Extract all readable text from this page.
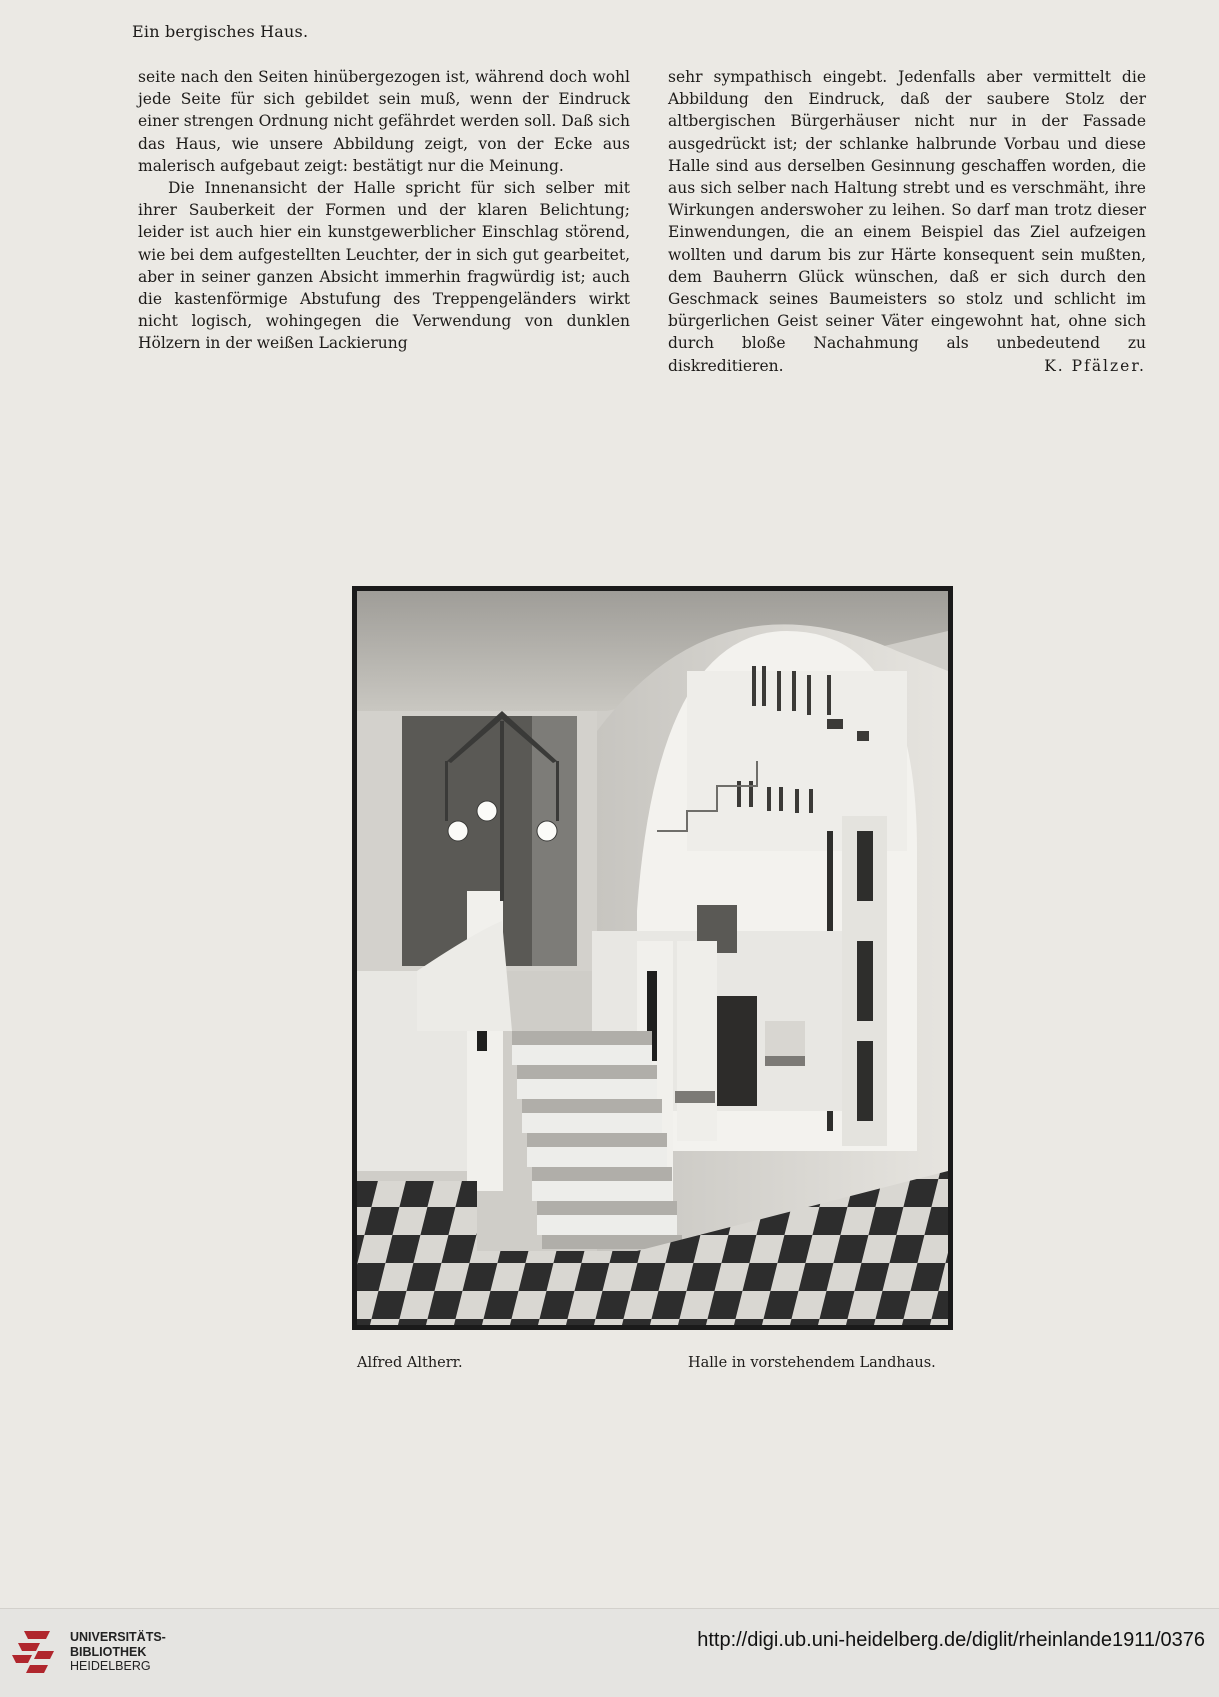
Ein bergisches Haus.

seite nach den Seiten hinübergezogen ist, während doch wohl jede Seite für sich gebildet sein muß, wenn der Eindruck einer strengen Ordnung nicht gefährdet werden soll. Daß sich das Haus, wie unsere Abbildung zeigt, von der Ecke aus malerisch aufgebaut zeigt: bestätigt nur die Meinung.

Die Innenansicht der Halle spricht für sich selber mit ihrer Sauberkeit der Formen und der klaren Belichtung; leider ist auch hier ein kunstgewerblicher Einschlag störend, wie bei dem aufgestellten Leuchter, der in sich gut gearbeitet, aber in seiner ganzen Absicht immerhin fragwürdig ist; auch die kastenförmige Abstufung des Treppengeländers wirkt nicht logisch, wohingegen die Verwendung von dunklen Hölzern in der weißen Lackierung

sehr sympathisch eingebt. Jedenfalls aber vermittelt die Abbildung den Eindruck, daß der saubere Stolz der altbergischen Bürgerhäuser nicht nur in der Fassade ausgedrückt ist; der schlanke halbrunde Vorbau und diese Halle sind aus derselben Gesinnung geschaffen worden, die aus sich selber nach Haltung strebt und es verschmäht, ihre Wirkungen anderswoher zu leihen. So darf man trotz dieser Einwendungen, die an einem Beispiel das Ziel aufzeigen wollten und darum bis zur Härte konsequent sein mußten, dem Bauherrn Glück wünschen, daß er sich durch den Geschmack seines Baumeisters so stolz und schlicht im bürgerlichen Geist seiner Väter eingewohnt hat, ohne sich durch bloße Nachahmung als unbedeutend zu diskreditieren.	K. Pfälzer.

Alfred Altherr.	Halle in vorstehendem Landhaus.
UNIVERSITÄTS-
BIBLIOTHEK
HEIDELBERG
http://digi.ub.uni-heidelberg.de/diglit/rheinlande1911/0376
